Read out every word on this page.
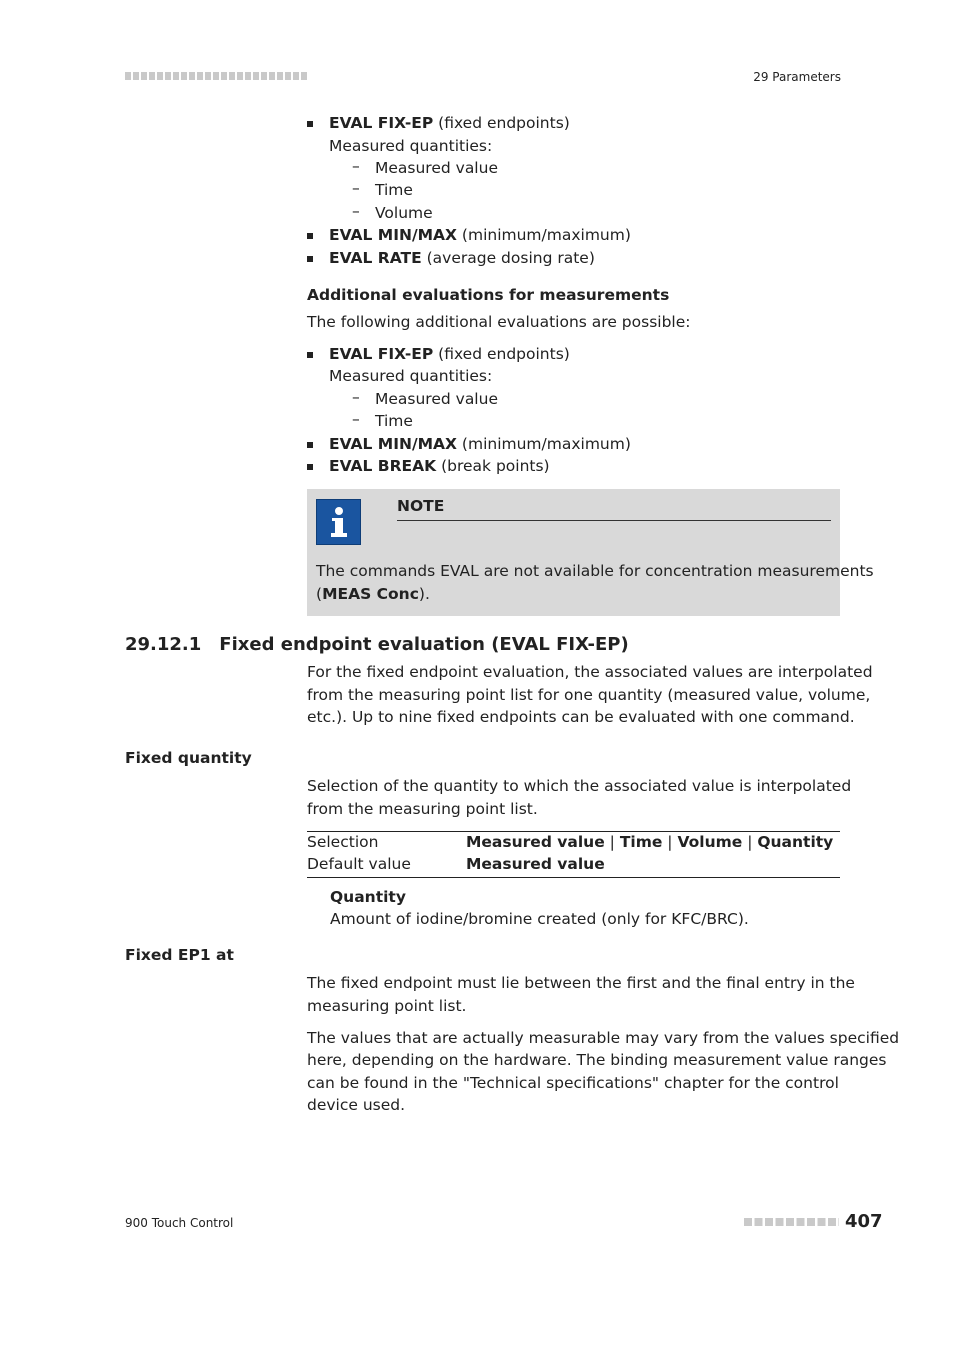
29 Parameters
EVAL FIX-EP (fixed endpoints)
Measured quantities:
– Measured value
– Time
– Volume
EVAL MIN/MAX (minimum/maximum)
EVAL RATE (average dosing rate)
Additional evaluations for measurements
The following additional evaluations are possible:
EVAL FIX-EP (fixed endpoints)
Measured quantities:
– Measured value
– Time
EVAL MIN/MAX (minimum/maximum)
EVAL BREAK (break points)
NOTE
The commands EVAL are not available for concentration measurements
(MEAS Conc).
29.12.1 Fixed endpoint evaluation (EVAL FIX-EP)
For the fixed endpoint evaluation, the associated values are interpolated
from the measuring point list for one quantity (measured value, volume,
etc.). Up to nine fixed endpoints can be evaluated with one command.
Fixed quantity
Selection of the quantity to which the associated value is interpolated
from the measuring point list.
Selection	Measured value | Time | Volume | Quantity
Default value	Measured value
Quantity
Amount of iodine/bromine created (only for KFC/BRC).
Fixed EP1 at
The fixed endpoint must lie between the first and the final entry in the
measuring point list.
The values that are actually measurable may vary from the values specified
here, depending on the hardware. The binding measurement value ranges
can be found in the "Technical specifications" chapter for the control
device used.
900 Touch Control	407
